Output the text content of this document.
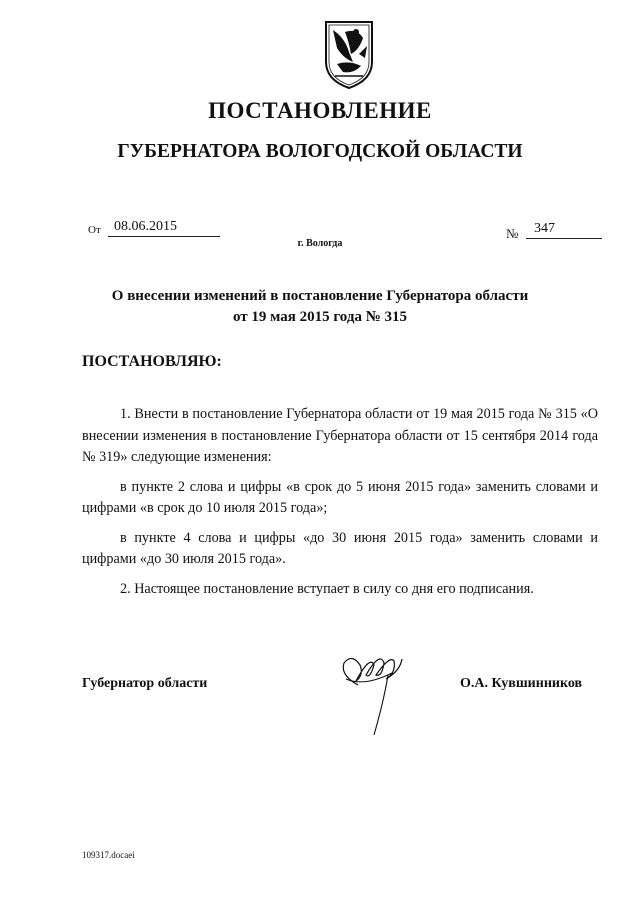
ПОСТАНОВЛЕНИЕ
ГУБЕРНАТОРА ВОЛОГОДСКОЙ ОБЛАСТИ
От 08.06.2015	№ 347
г. Вологда
О внесении изменений в постановление Губернатора области
от 19 мая 2015 года № 315
ПОСТАНОВЛЯЮ:

1. Внести в постановление Губернатора области от 19 мая 2015 года № 315 «О внесении изменения в постановление Губернатора области от 15 сентября 2014 года № 319» следующие изменения:

в пункте 2 слова и цифры «в срок до 5 июня 2015 года» заменить словами и цифрами «в срок до 10 июля 2015 года»;

в пункте 4 слова и цифры «до 30 июня 2015 года» заменить словами и цифрами «до 30 июля 2015 года».

2. Настоящее постановление вступает в силу со дня его подписания.

Губернатор области	О.А. Кувшинников
109317.docaei
